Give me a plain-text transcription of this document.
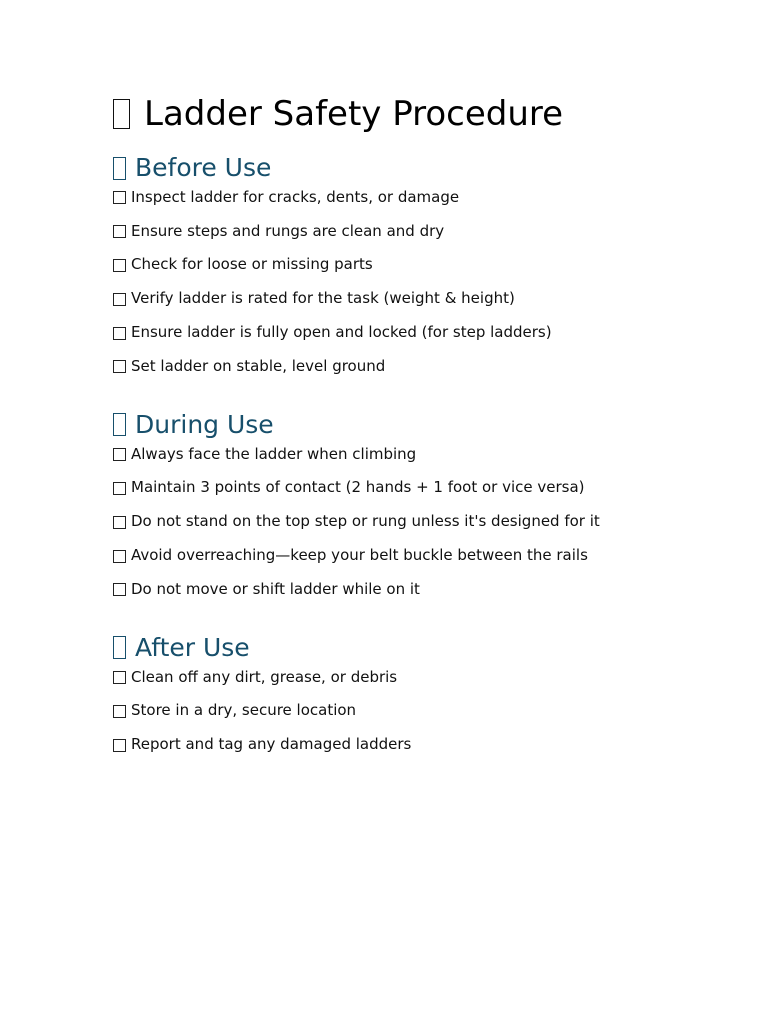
Ladder Safety Procedure
Before Use
Inspect ladder for cracks, dents, or damage
Ensure steps and rungs are clean and dry
Check for loose or missing parts
Verify ladder is rated for the task (weight & height)
Ensure ladder is fully open and locked (for step ladders)
Set ladder on stable, level ground
During Use
Always face the ladder when climbing
Maintain 3 points of contact (2 hands + 1 foot or vice versa)
Do not stand on the top step or rung unless it's designed for it
Avoid overreaching—keep your belt buckle between the rails
Do not move or shift ladder while on it
After Use
Clean off any dirt, grease, or debris
Store in a dry, secure location
Report and tag any damaged ladders
